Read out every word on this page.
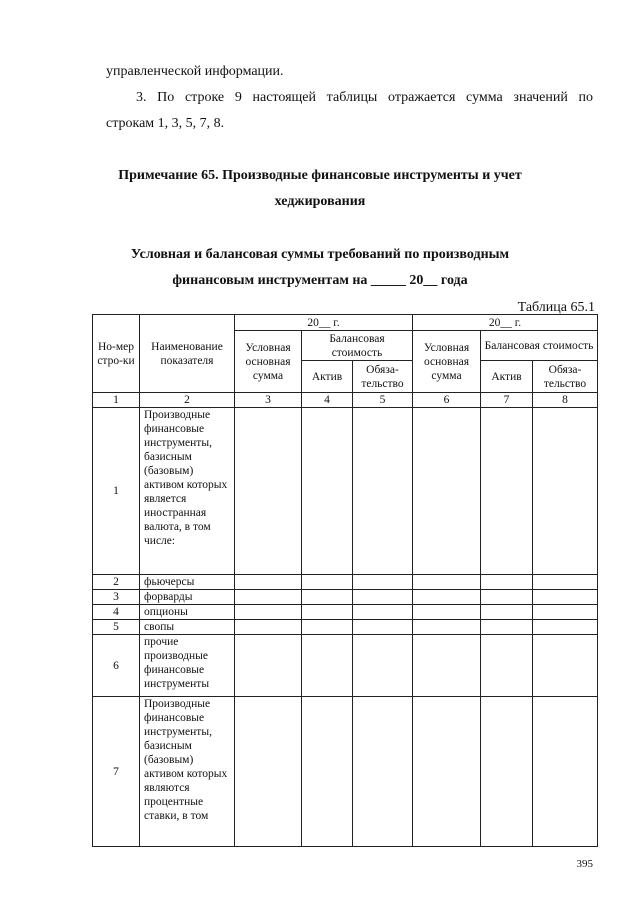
управленческой информации.
3. По строке 9 настоящей таблицы отражается сумма значений по
строкам 1, 3, 5, 7, 8.
Примечание 65. Производные финансовые инструменты и учет
хеджирования
Условная и балансовая суммы требований по производным
финансовым инструментам на _____ 20__ года
Таблица 65.1
Но-мер стро-ки	Наименование показателя	20__ г.			20__ г.		
		Условная основная сумма	Балансовая стоимость		Условная основная сумма	Балансовая стоимость	
			Актив	Обяза-тельство		Актив	Обяза-тельство
1	2	3	4	5	6	7	8
1	Производные финансовые инструменты, базисным (базовым) активом которых является иностранная валюта, в том числе:						
2	фьючерсы						
3	форварды						
4	опционы						
5	свопы						
6	прочие производные финансовые инструменты						
7	Производные финансовые инструменты, базисным (базовым) активом которых являются процентные ставки, в том						
395
